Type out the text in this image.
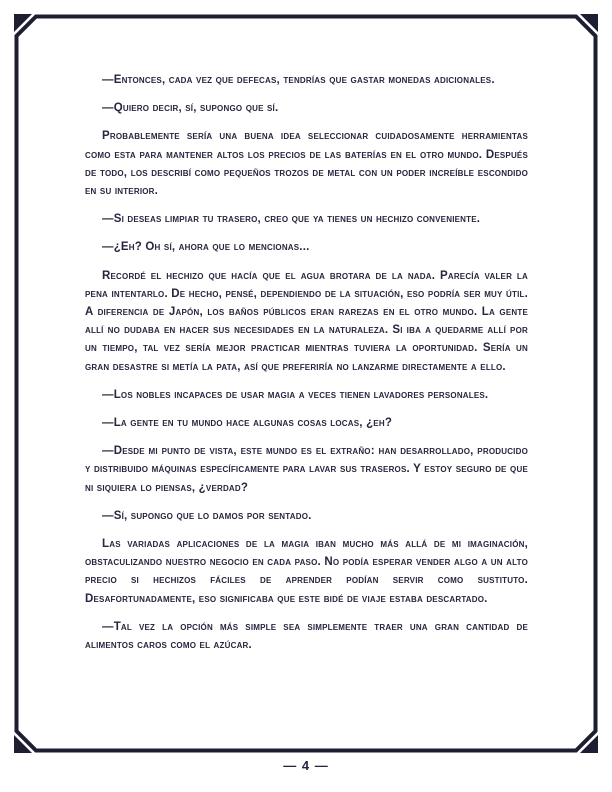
—Entonces, cada vez que defecas, tendrías que gastar monedas adicionales.

—Quiero decir, sí, supongo que sí.

Probablemente sería una buena idea seleccionar cuidadosamente herramientas como esta para mantener altos los precios de las baterías en el otro mundo. Después de todo, los describí como pequeños trozos de metal con un poder increíble escondido en su interior.

—Si deseas limpiar tu trasero, creo que ya tienes un hechizo conveniente.

—¿Eh? Oh sí, ahora que lo mencionas...

Recordé el hechizo que hacía que el agua brotara de la nada. Parecía valer la pena intentarlo. De hecho, pensé, dependiendo de la situación, eso podría ser muy útil. A diferencia de Japón, los baños públicos eran rarezas en el otro mundo. La gente allí no dudaba en hacer sus necesidades en la naturaleza. Si iba a quedarme allí por un tiempo, tal vez sería mejor practicar mientras tuviera la oportunidad. Sería un gran desastre si metía la pata, así que preferiría no lanzarme directamente a ello.

—Los nobles incapaces de usar magia a veces tienen lavadores personales.

—La gente en tu mundo hace algunas cosas locas, ¿eh?

—Desde mi punto de vista, este mundo es el extraño: han desarrollado, producido y distribuido máquinas específicamente para lavar sus traseros. Y estoy seguro de que ni siquiera lo piensas, ¿verdad?

—Sí, supongo que lo damos por sentado.

Las variadas aplicaciones de la magia iban mucho más allá de mi imaginación, obstaculizando nuestro negocio en cada paso. No podía esperar vender algo a un alto precio si hechizos fáciles de aprender podían servir como sustituto. Desafortunadamente, eso significaba que este bidé de viaje estaba descartado.

—Tal vez la opción más simple sea simplemente traer una gran cantidad de alimentos caros como el azúcar.

— 4 —
